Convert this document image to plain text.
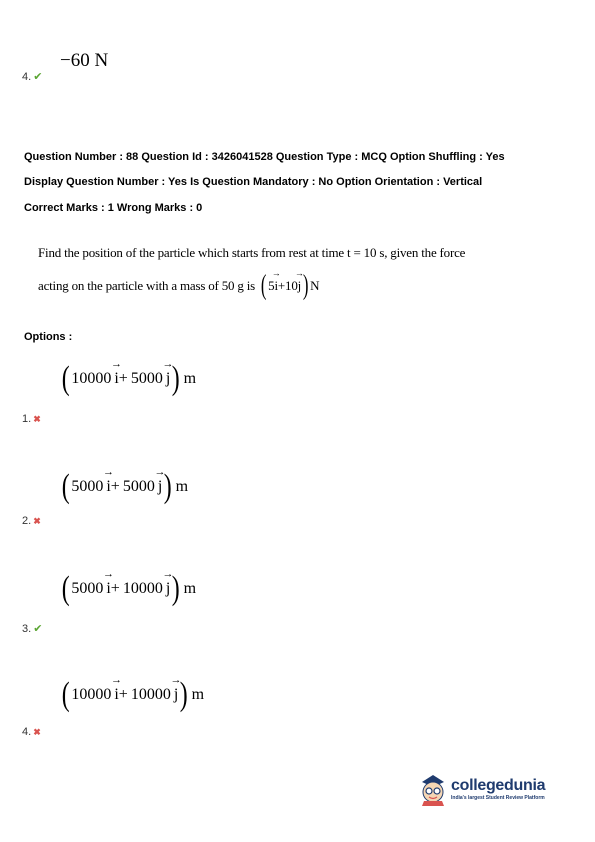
−60 N
4. ✔
Question Number : 88 Question Id : 3426041528 Question Type : MCQ Option Shuffling : Yes
Display Question Number : Yes Is Question Mandatory : No Option Orientation : Vertical
Correct Marks : 1 Wrong Marks : 0
Find the position of the particle which starts from rest at time t = 10 s, given the force
acting on the particle with a mass of 50 g is ( 5→ i+10→ j ) N
Options :
( 10000 → i + 5000 → j ) m
1. ✖
( 5000 → i + 5000 → j ) m
2. ✖
( 5000 → i + 10000 → j ) m
3. ✔
( 10000 → i + 10000 → j ) m
4. ✖
collegedunia
India's largest Student Review Platform
